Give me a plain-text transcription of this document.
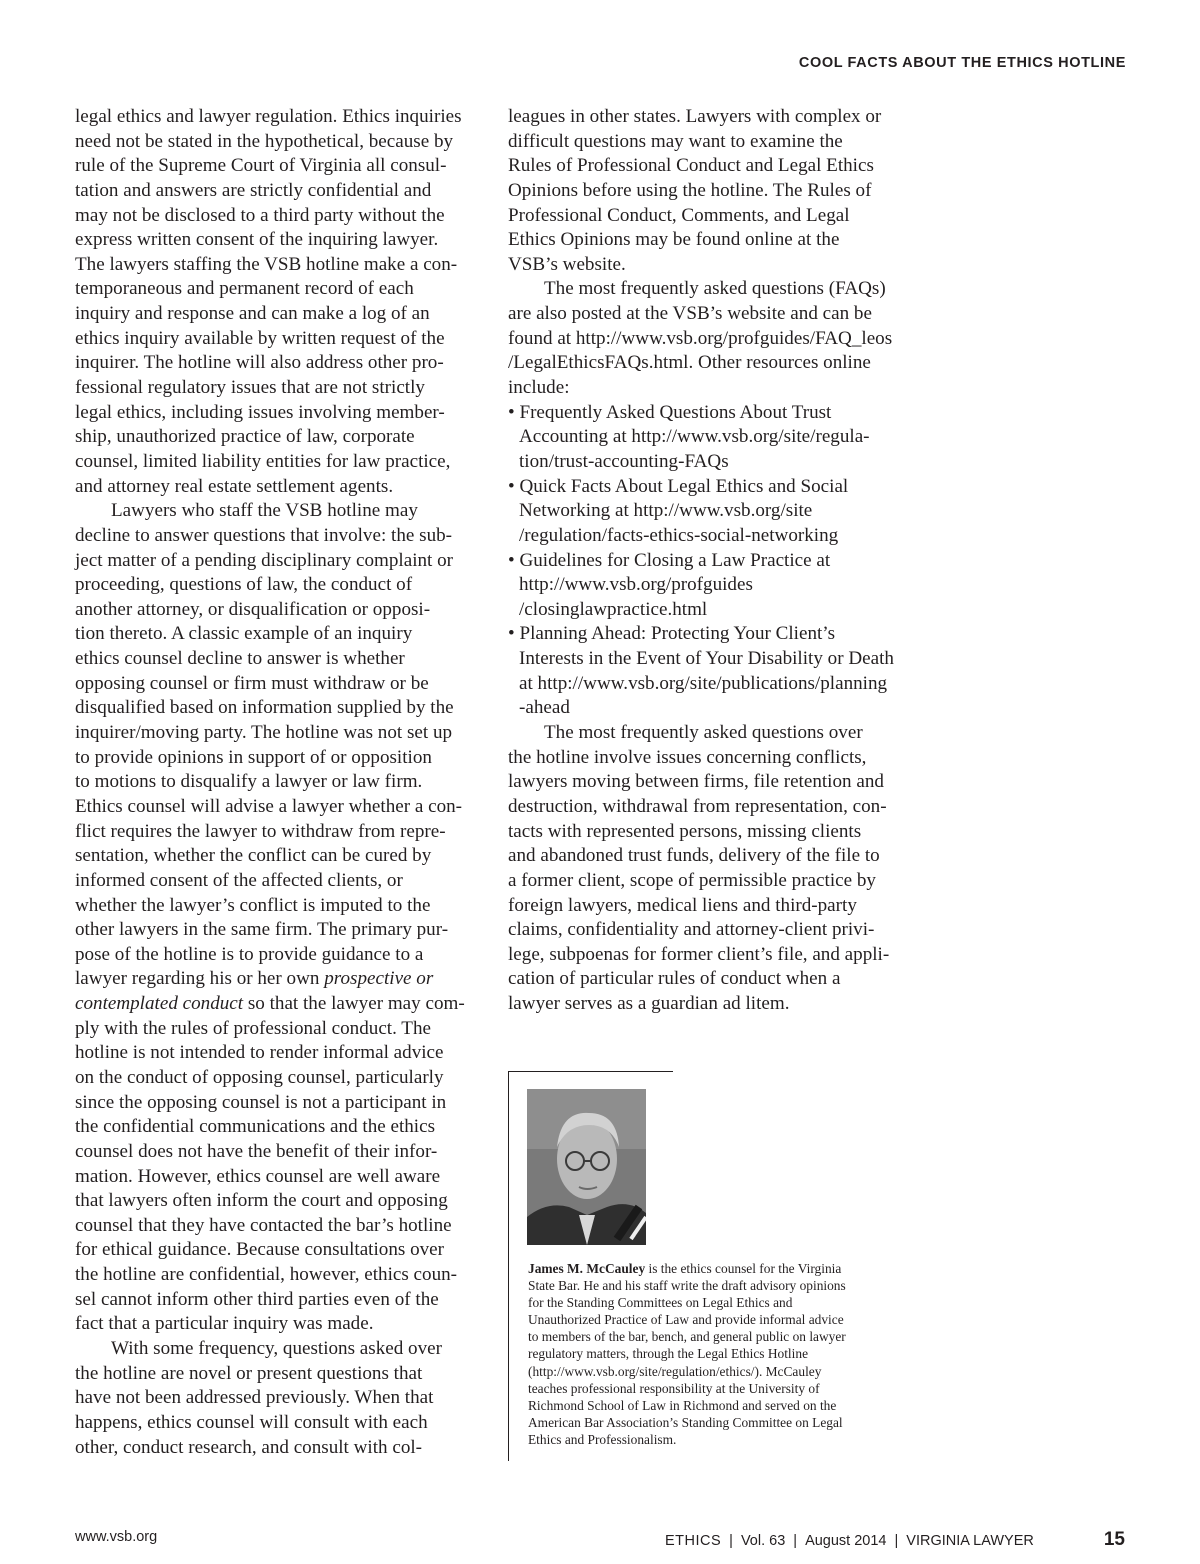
COOL FACTS ABOUT THE ETHICS HOTLINE
legal ethics and lawyer regulation. Ethics inquiries
need not be stated in the hypothetical, because by
rule of the Supreme Court of Virginia all consul-
tation and answers are strictly confidential and
may not be disclosed to a third party without the
express written consent of the inquiring lawyer.
The lawyers staffing the VSB hotline make a con-
temporaneous and permanent record of each
inquiry and response and can make a log of an
ethics inquiry available by written request of the
inquirer. The hotline will also address other pro-
fessional regulatory issues that are not strictly
legal ethics, including issues involving member-
ship, unauthorized practice of law, corporate
counsel, limited liability entities for law practice,
and attorney real estate settlement agents.
Lawyers who staff the VSB hotline may
decline to answer questions that involve: the sub-
ject matter of a pending disciplinary complaint or
proceeding, questions of law, the conduct of
another attorney, or disqualification or opposi-
tion thereto. A classic example of an inquiry
ethics counsel decline to answer is whether
opposing counsel or firm must withdraw or be
disqualified based on information supplied by the
inquirer/moving party. The hotline was not set up
to provide opinions in support of or opposition
to motions to disqualify a lawyer or law firm.
Ethics counsel will advise a lawyer whether a con-
flict requires the lawyer to withdraw from repre-
sentation, whether the conflict can be cured by
informed consent of the affected clients, or
whether the lawyer’s conflict is imputed to the
other lawyers in the same firm. The primary pur-
pose of the hotline is to provide guidance to a
lawyer regarding his or her own prospective or
contemplated conduct so that the lawyer may com-
ply with the rules of professional conduct. The
hotline is not intended to render informal advice
on the conduct of opposing counsel, particularly
since the opposing counsel is not a participant in
the confidential communications and the ethics
counsel does not have the benefit of their infor-
mation. However, ethics counsel are well aware
that lawyers often inform the court and opposing
counsel that they have contacted the bar’s hotline
for ethical guidance. Because consultations over
the hotline are confidential, however, ethics coun-
sel cannot inform other third parties even of the
fact that a particular inquiry was made.
With some frequency, questions asked over
the hotline are novel or present questions that
have not been addressed previously. When that
happens, ethics counsel will consult with each
other, conduct research, and consult with col-
leagues in other states. Lawyers with complex or
difficult questions may want to examine the
Rules of Professional Conduct and Legal Ethics
Opinions before using the hotline. The Rules of
Professional Conduct, Comments, and Legal
Ethics Opinions may be found online at the
VSB’s website.
The most frequently asked questions (FAQs)
are also posted at the VSB’s website and can be
found at http://www.vsb.org/profguides/FAQ_leos
/LegalEthicsFAQs.html. Other resources online
include:
• Frequently Asked Questions About Trust
Accounting at http://www.vsb.org/site/regula-
tion/trust-accounting-FAQs
• Quick Facts About Legal Ethics and Social
Networking at http://www.vsb.org/site
/regulation/facts-ethics-social-networking
• Guidelines for Closing a Law Practice at
http://www.vsb.org/profguides
/closinglawpractice.html
• Planning Ahead: Protecting Your Client’s
Interests in the Event of Your Disability or Death
at http://www.vsb.org/site/publications/planning
-ahead
The most frequently asked questions over
the hotline involve issues concerning conflicts,
lawyers moving between firms, file retention and
destruction, withdrawal from representation, con-
tacts with represented persons, missing clients
and abandoned trust funds, delivery of the file to
a former client, scope of permissible practice by
foreign lawyers, medical liens and third-party
claims, confidentiality and attorney-client privi-
lege, subpoenas for former client’s file, and appli-
cation of particular rules of conduct when a
lawyer serves as a guardian ad litem.
James M. McCauley is the ethics counsel for the Virginia
State Bar. He and his staff write the draft advisory opinions
for the Standing Committees on Legal Ethics and
Unauthorized Practice of Law and provide informal advice
to members of the bar, bench, and general public on lawyer
regulatory matters, through the Legal Ethics Hotline
(http://www.vsb.org/site/regulation/ethics/). McCauley
teaches professional responsibility at the University of
Richmond School of Law in Richmond and served on the
American Bar Association’s Standing Committee on Legal
Ethics and Professionalism.
www.vsb.org	ETHICS | Vol. 63 | August 2014 | VIRGINIA LAWYER	15
